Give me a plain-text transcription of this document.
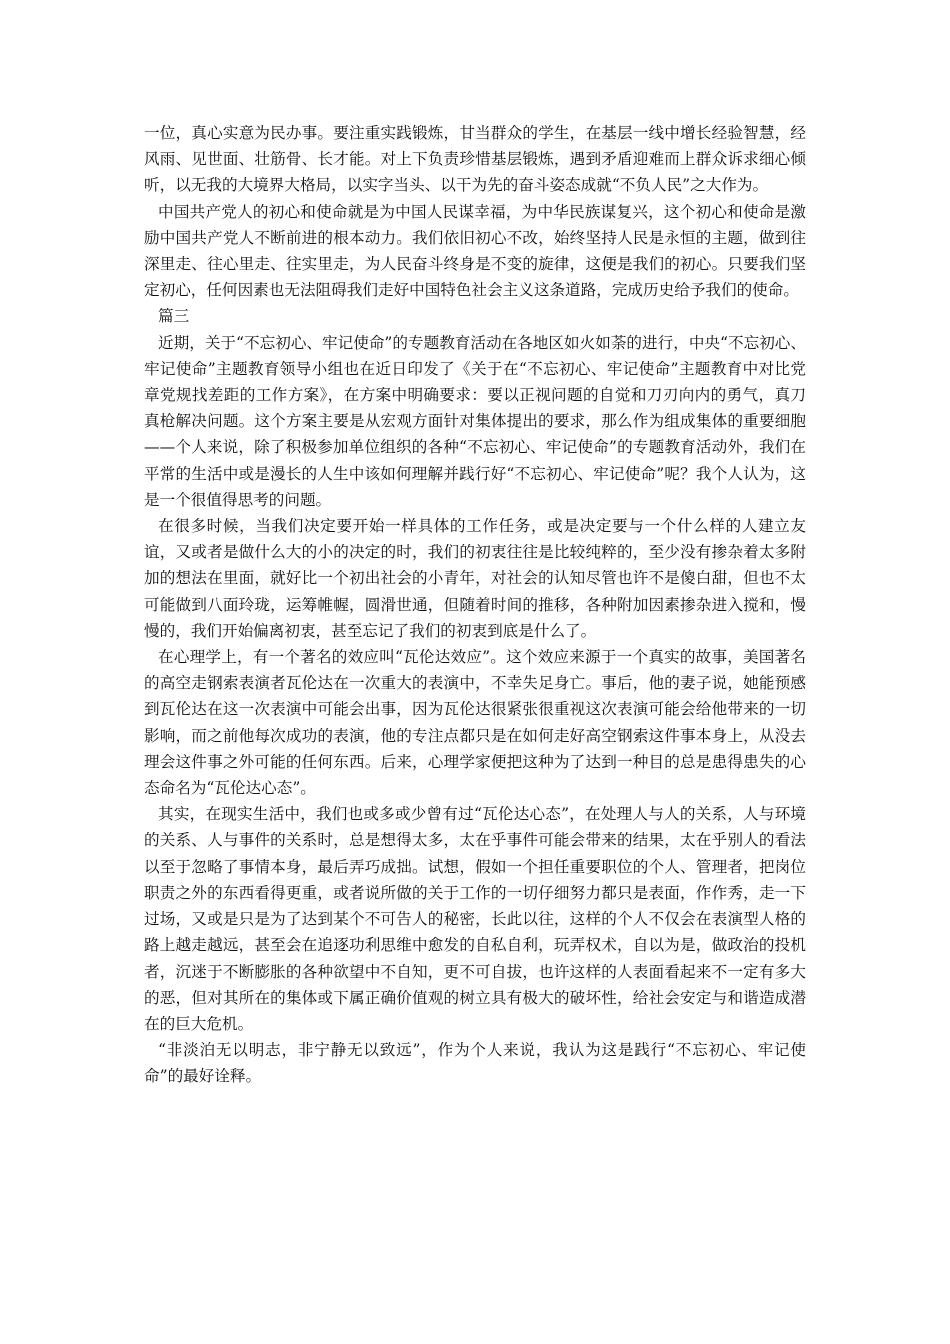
一位，真心实意为民办事。要注重实践锻炼，甘当群众的学生，在基层一线中增长经验智慧，经风雨、见世面、壮筋骨、长才能。对上下负责珍惜基层锻炼，遇到矛盾迎难而上群众诉求细心倾听，以无我的大境界大格局，以实字当头、以干为先的奋斗姿态成就“不负人民”之大作为。

中国共产党人的初心和使命就是为中国人民谋幸福，为中华民族谋复兴，这个初心和使命是激励中国共产党人不断前进的根本动力。我们依旧初心不改，始终坚持人民是永恒的主题，做到往深里走、往心里走、往实里走，为人民奋斗终身是不变的旋律，这便是我们的初心。只要我们坚定初心，任何因素也无法阻碍我们走好中国特色社会主义这条道路，完成历史给予我们的使命。

篇三

近期，关于“不忘初心、牢记使命”的专题教育活动在各地区如火如荼的进行，中央“不忘初心、牢记使命”主题教育领导小组也在近日印发了《关于在“不忘初心、牢记使命”主题教育中对比党章党规找差距的工作方案》，在方案中明确要求：要以正视问题的自觉和刀刃向内的勇气，真刀真枪解决问题。这个方案主要是从宏观方面针对集体提出的要求，那么作为组成集体的重要细胞——个人来说，除了积极参加单位组织的各种“不忘初心、牢记使命”的专题教育活动外，我们在平常的生活中或是漫长的人生中该如何理解并践行好“不忘初心、牢记使命”呢？我个人认为，这是一个很值得思考的问题。

在很多时候，当我们决定要开始一样具体的工作任务，或是决定要与一个什么样的人建立友谊，又或者是做什么大的小的决定的时，我们的初衷往往是比较纯粹的，至少没有掺杂着太多附加的想法在里面，就好比一个初出社会的小青年，对社会的认知尽管也许不是傻白甜，但也不太可能做到八面玲珑，运筹帷幄，圆滑世通，但随着时间的推移，各种附加因素掺杂进入搅和，慢慢的，我们开始偏离初衷，甚至忘记了我们的初衷到底是什么了。

在心理学上，有一个著名的效应叫“瓦伦达效应”。这个效应来源于一个真实的故事，美国著名的高空走钢索表演者瓦伦达在一次重大的表演中，不幸失足身亡。事后，他的妻子说，她能预感到瓦伦达在这一次表演中可能会出事，因为瓦伦达很紧张很重视这次表演可能会给他带来的一切影响，而之前他每次成功的表演，他的专注点都只是在如何走好高空钢索这件事本身上，从没去理会这件事之外可能的任何东西。后来，心理学家便把这种为了达到一种目的总是患得患失的心态命名为“瓦伦达心态”。

其实，在现实生活中，我们也或多或少曾有过“瓦伦达心态”，在处理人与人的关系，人与环境的关系、人与事件的关系时，总是想得太多，太在乎事件可能会带来的结果，太在乎别人的看法以至于忽略了事情本身，最后弄巧成拙。试想，假如一个担任重要职位的个人、管理者，把岗位职责之外的东西看得更重，或者说所做的关于工作的一切仔细努力都只是表面，作作秀，走一下过场，又或是只是为了达到某个不可告人的秘密，长此以往，这样的个人不仅会在表演型人格的路上越走越远，甚至会在追逐功利思维中愈发的自私自利，玩弄权术，自以为是，做政治的投机者，沉迷于不断膨胀的各种欲望中不自知，更不可自拔，也许这样的人表面看起来不一定有多大的恶，但对其所在的集体或下属正确价值观的树立具有极大的破坏性，给社会安定与和谐造成潜在的巨大危机。

“非淡泊无以明志，非宁静无以致远”，作为个人来说，我认为这是践行“不忘初心、牢记使命”的最好诠释。
